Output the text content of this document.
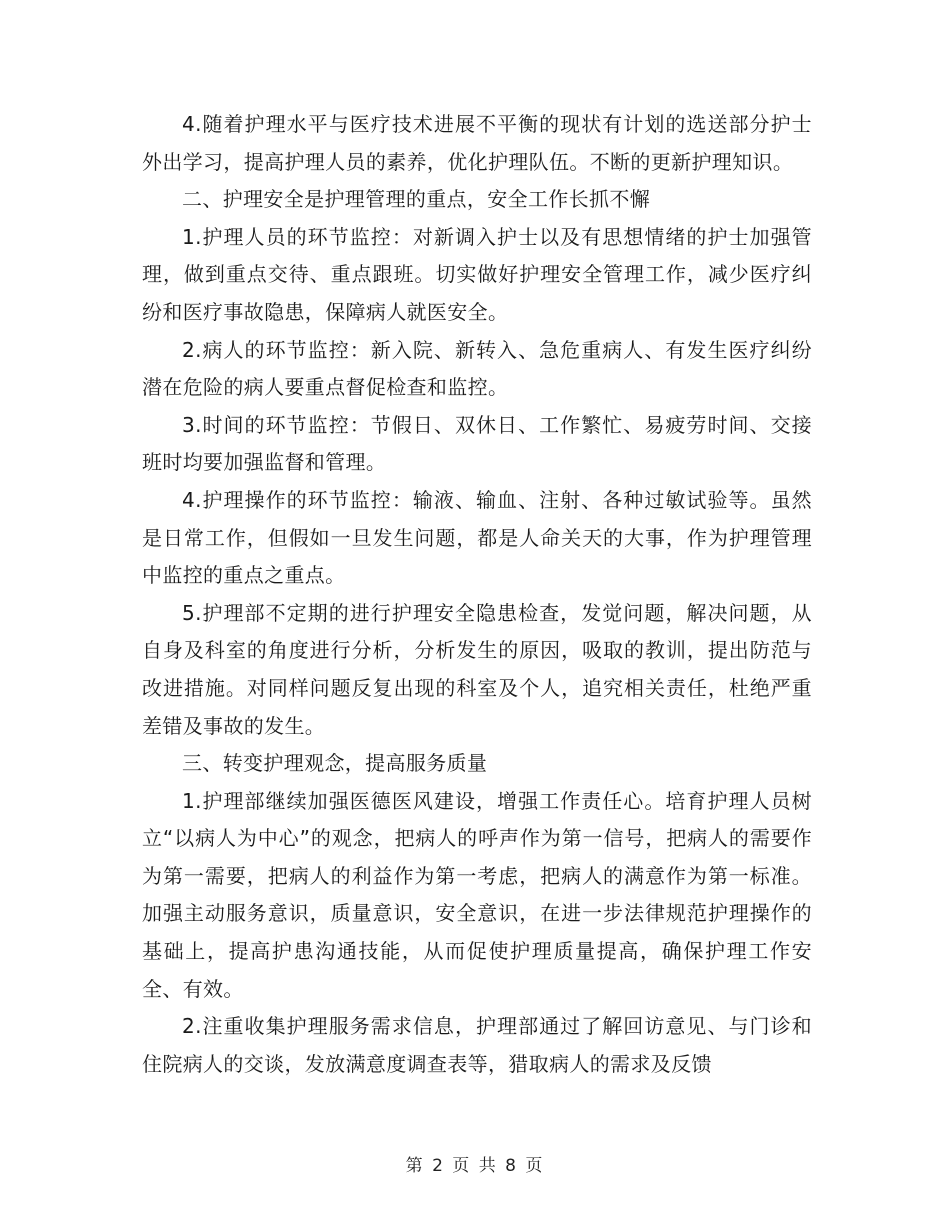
4.随着护理水平与医疗技术进展不平衡的现状有计划的选送部分护士外出学习，提高护理人员的素养，优化护理队伍。不断的更新护理知识。

二、护理安全是护理管理的重点，安全工作长抓不懈

1.护理人员的环节监控：对新调入护士以及有思想情绪的护士加强管理，做到重点交待、重点跟班。切实做好护理安全管理工作，减少医疗纠纷和医疗事故隐患，保障病人就医安全。

2.病人的环节监控：新入院、新转入、急危重病人、有发生医疗纠纷潜在危险的病人要重点督促检查和监控。

3.时间的环节监控：节假日、双休日、工作繁忙、易疲劳时间、交接班时均要加强监督和管理。

4.护理操作的环节监控：输液、输血、注射、各种过敏试验等。虽然是日常工作，但假如一旦发生问题，都是人命关天的大事，作为护理管理中监控的重点之重点。

5.护理部不定期的进行护理安全隐患检查，发觉问题，解决问题，从自身及科室的角度进行分析，分析发生的原因，吸取的教训，提出防范与改进措施。对同样问题反复出现的科室及个人，追究相关责任，杜绝严重差错及事故的发生。

三、转变护理观念，提高服务质量

1.护理部继续加强医德医风建设，增强工作责任心。培育护理人员树立“以病人为中心”的观念，把病人的呼声作为第一信号，把病人的需要作为第一需要，把病人的利益作为第一考虑，把病人的满意作为第一标准。加强主动服务意识，质量意识，安全意识，在进一步法律规范护理操作的基础上，提高护患沟通技能，从而促使护理质量提高，确保护理工作安全、有效。

2.注重收集护理服务需求信息，护理部通过了解回访意见、与门诊和住院病人的交谈，发放满意度调查表等，猎取病人的需求及反馈

第 2 页 共 8 页
